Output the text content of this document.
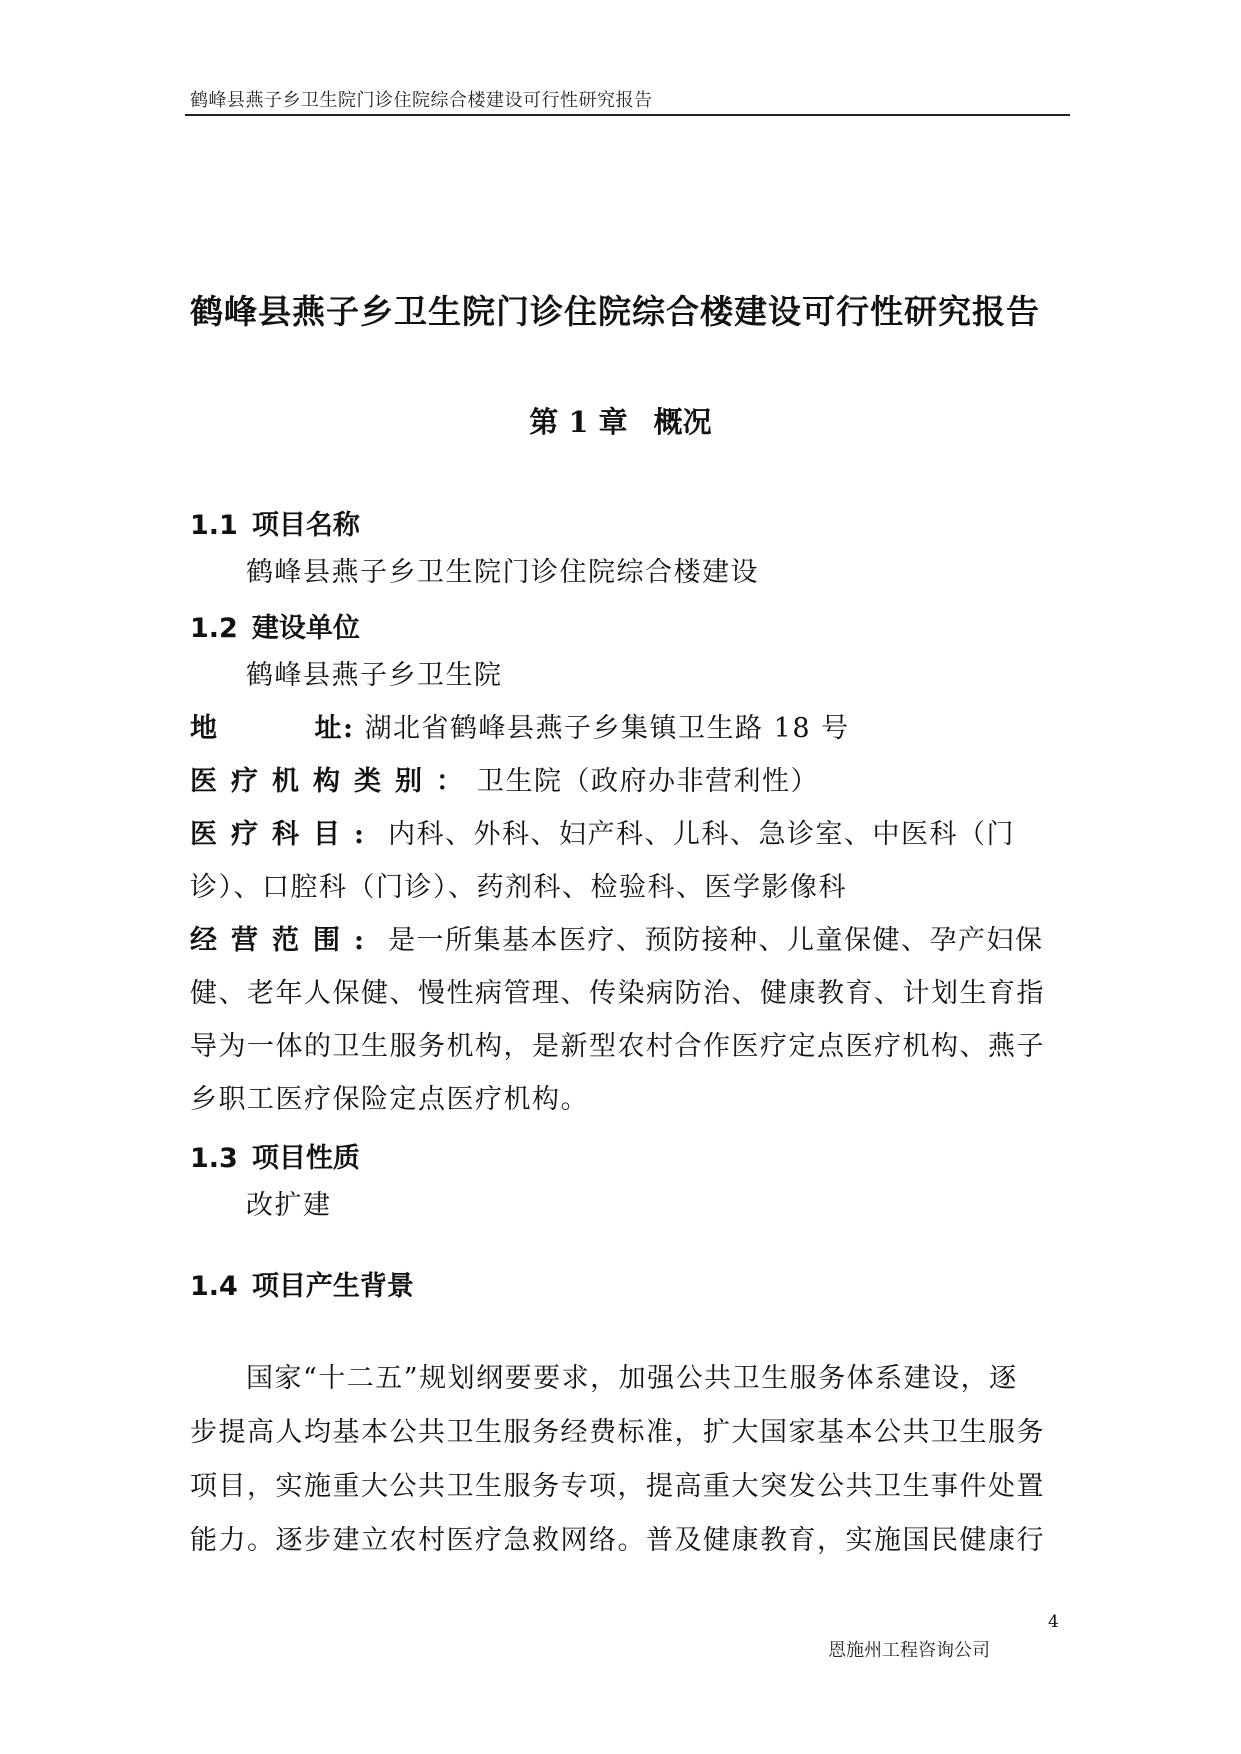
鹤峰县燕子乡卫生院门诊住院综合楼建设可行性研究报告
鹤峰县燕子乡卫生院门诊住院综合楼建设可行性研究报告
第 1 章 概况
1.1 项目名称
鹤峰县燕子乡卫生院门诊住院综合楼建设
1.2 建设单位
鹤峰县燕子乡卫生院
地	址: 湖北省鹤峰县燕子乡集镇卫生路 18 号
医疗机构类别：卫生院（政府办非营利性）
医疗科目: 内科、外科、妇产科、儿科、急诊室、中医科（门
诊）、口腔科（门诊）、药剂科、检验科、医学影像科
经营范围: 是一所集基本医疗、预防接种、儿童保健、孕产妇保
健、老年人保健、慢性病管理、传染病防治、健康教育、计划生育指
导为一体的卫生服务机构，是新型农村合作医疗定点医疗机构、燕子
乡职工医疗保险定点医疗机构。
1.3 项目性质
改扩建
1.4 项目产生背景
国家“十二五”规划纲要要求，加强公共卫生服务体系建设，逐
步提高人均基本公共卫生服务经费标准，扩大国家基本公共卫生服务
项目，实施重大公共卫生服务专项，提高重大突发公共卫生事件处置
能力。逐步建立农村医疗急救网络。普及健康教育，实施国民健康行
4
恩施州工程咨询公司
